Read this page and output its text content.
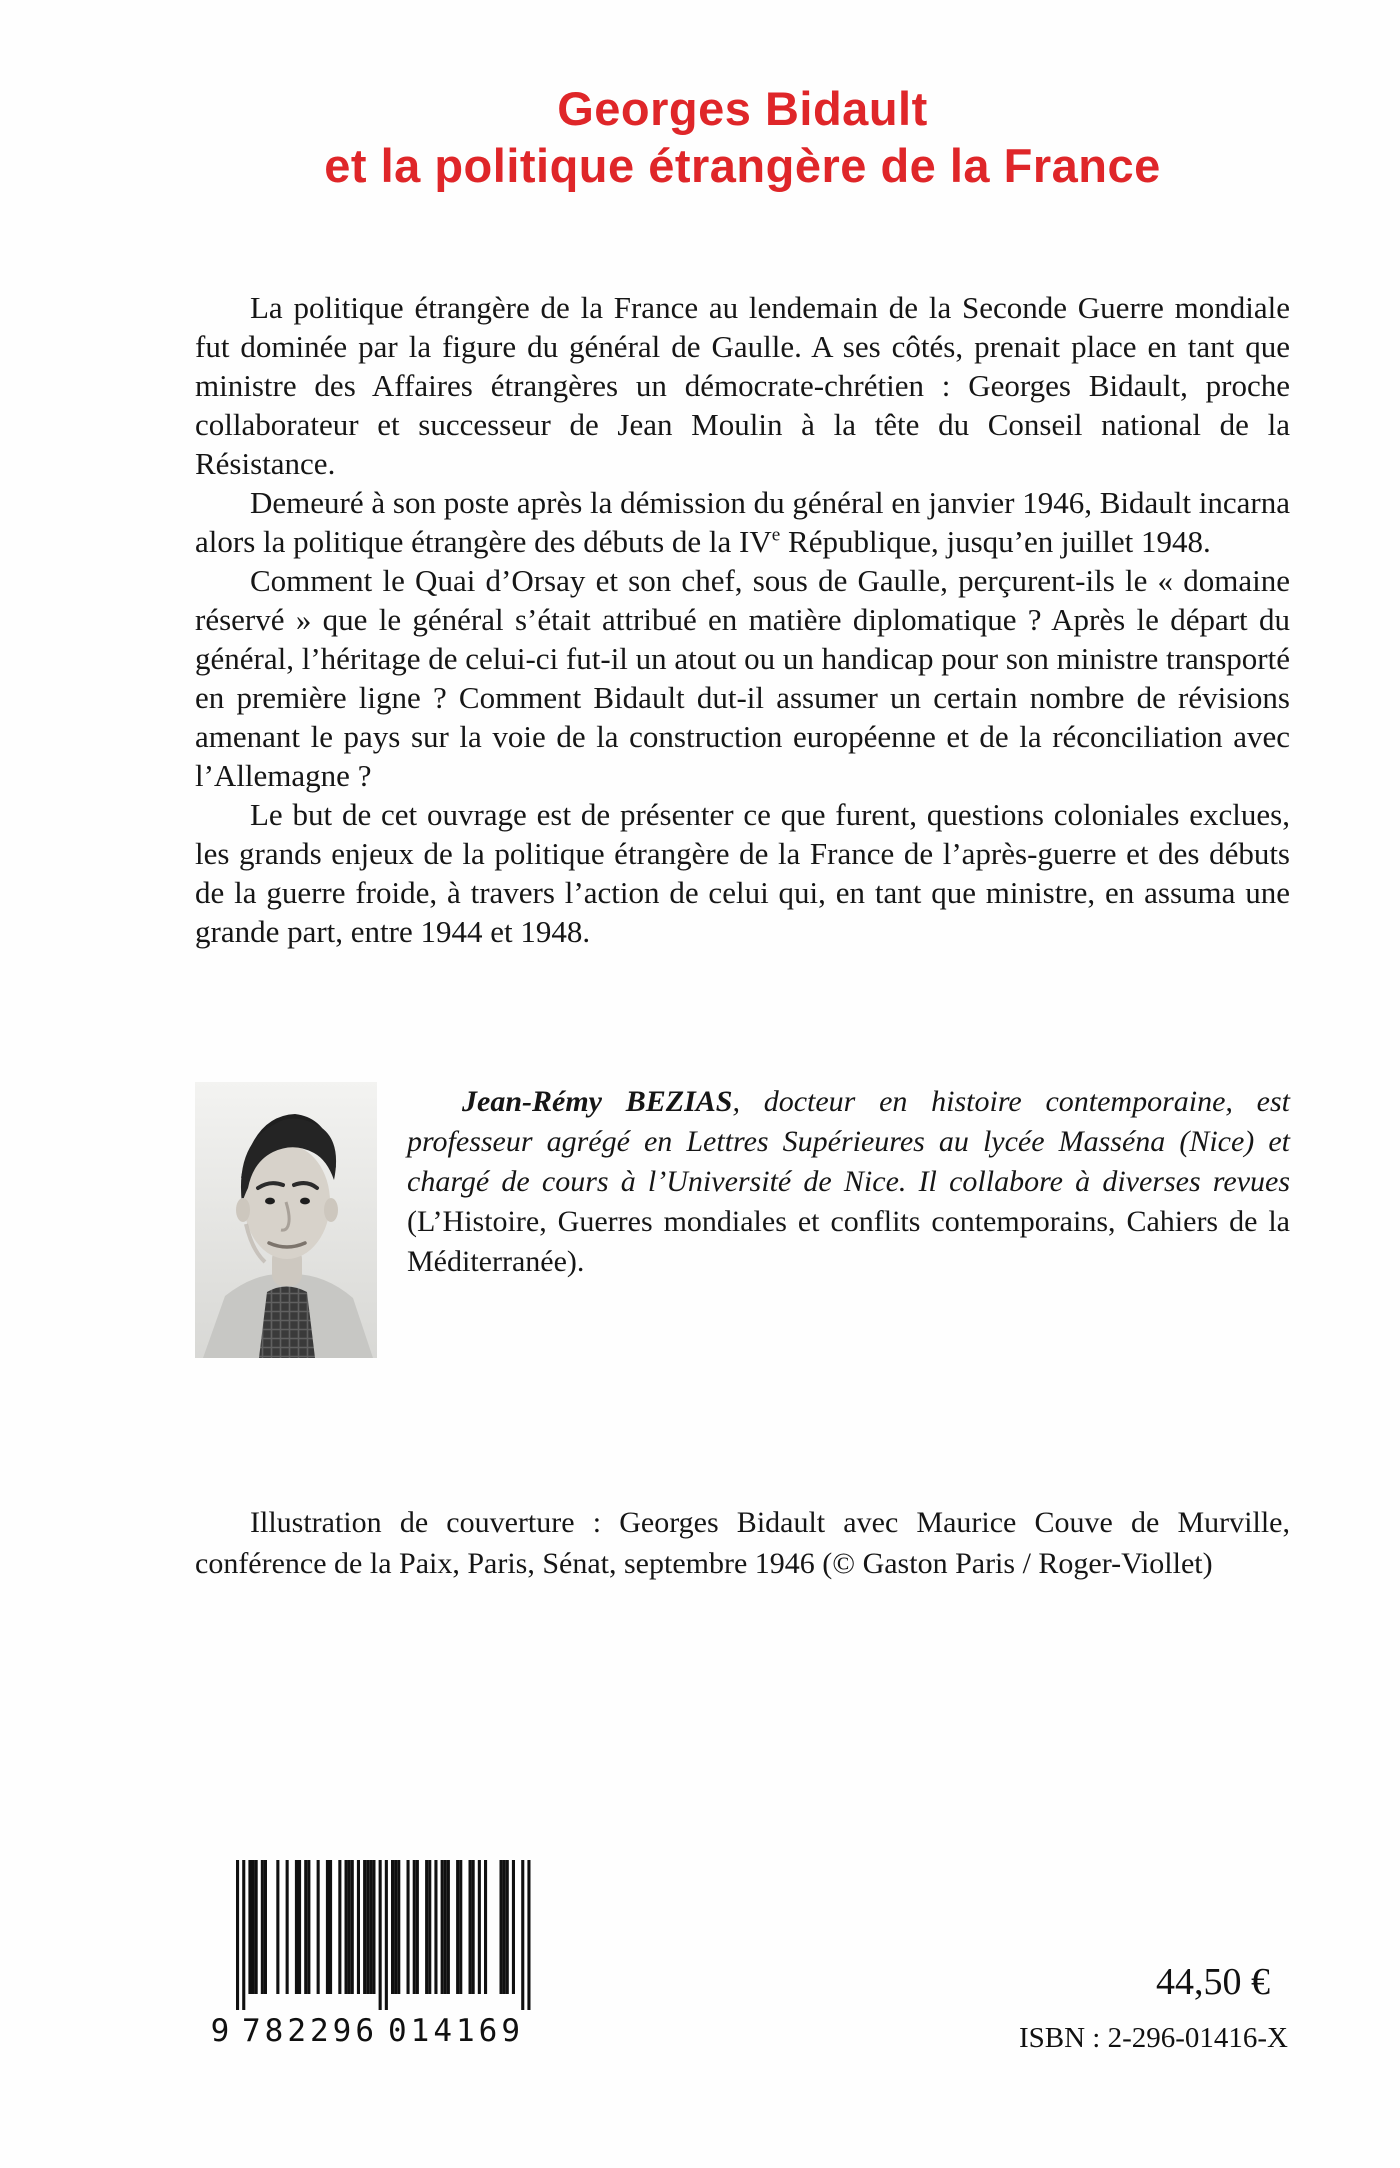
Georges Bidault
et la politique étrangère de la France

La politique étrangère de la France au lendemain de la Seconde Guerre mondiale fut dominée par la figure du général de Gaulle. A ses côtés, prenait place en tant que ministre des Affaires étrangères un démocrate-chrétien : Georges Bidault, proche collaborateur et successeur de Jean Moulin à la tête du Conseil national de la Résistance.

Demeuré à son poste après la démission du général en janvier 1946, Bidault incarna alors la politique étrangère des débuts de la IVe République, jusqu’en juillet 1948.

Comment le Quai d’Orsay et son chef, sous de Gaulle, perçurent-ils le « domaine réservé » que le général s’était attribué en matière diplomatique ? Après le départ du général, l’héritage de celui-ci fut-il un atout ou un handicap pour son ministre transporté en première ligne ? Comment Bidault dut-il assumer un certain nombre de révisions amenant le pays sur la voie de la construction européenne et de la réconciliation avec l’Allemagne ?

Le but de cet ouvrage est de présenter ce que furent, questions coloniales exclues, les grands enjeux de la politique étrangère de la France de l’après-guerre et des débuts de la guerre froide, à travers l’action de celui qui, en tant que ministre, en assuma une grande part, entre 1944 et 1948.

Jean-Rémy BEZIAS, docteur en histoire contemporaine, est professeur agrégé en Lettres Supérieures au lycée Masséna (Nice) et chargé de cours à l’Université de Nice. Il collabore à diverses revues (L’Histoire, Guerres mondiales et conflits contemporains, Cahiers de la Méditerranée).

Illustration de couverture : Georges Bidault avec Maurice Couve de Murville, conférence de la Paix, Paris, Sénat, septembre 1946 (© Gaston Paris / Roger-Viollet)

9 782296 014169
44,50 €
ISBN : 2-296-01416-X
